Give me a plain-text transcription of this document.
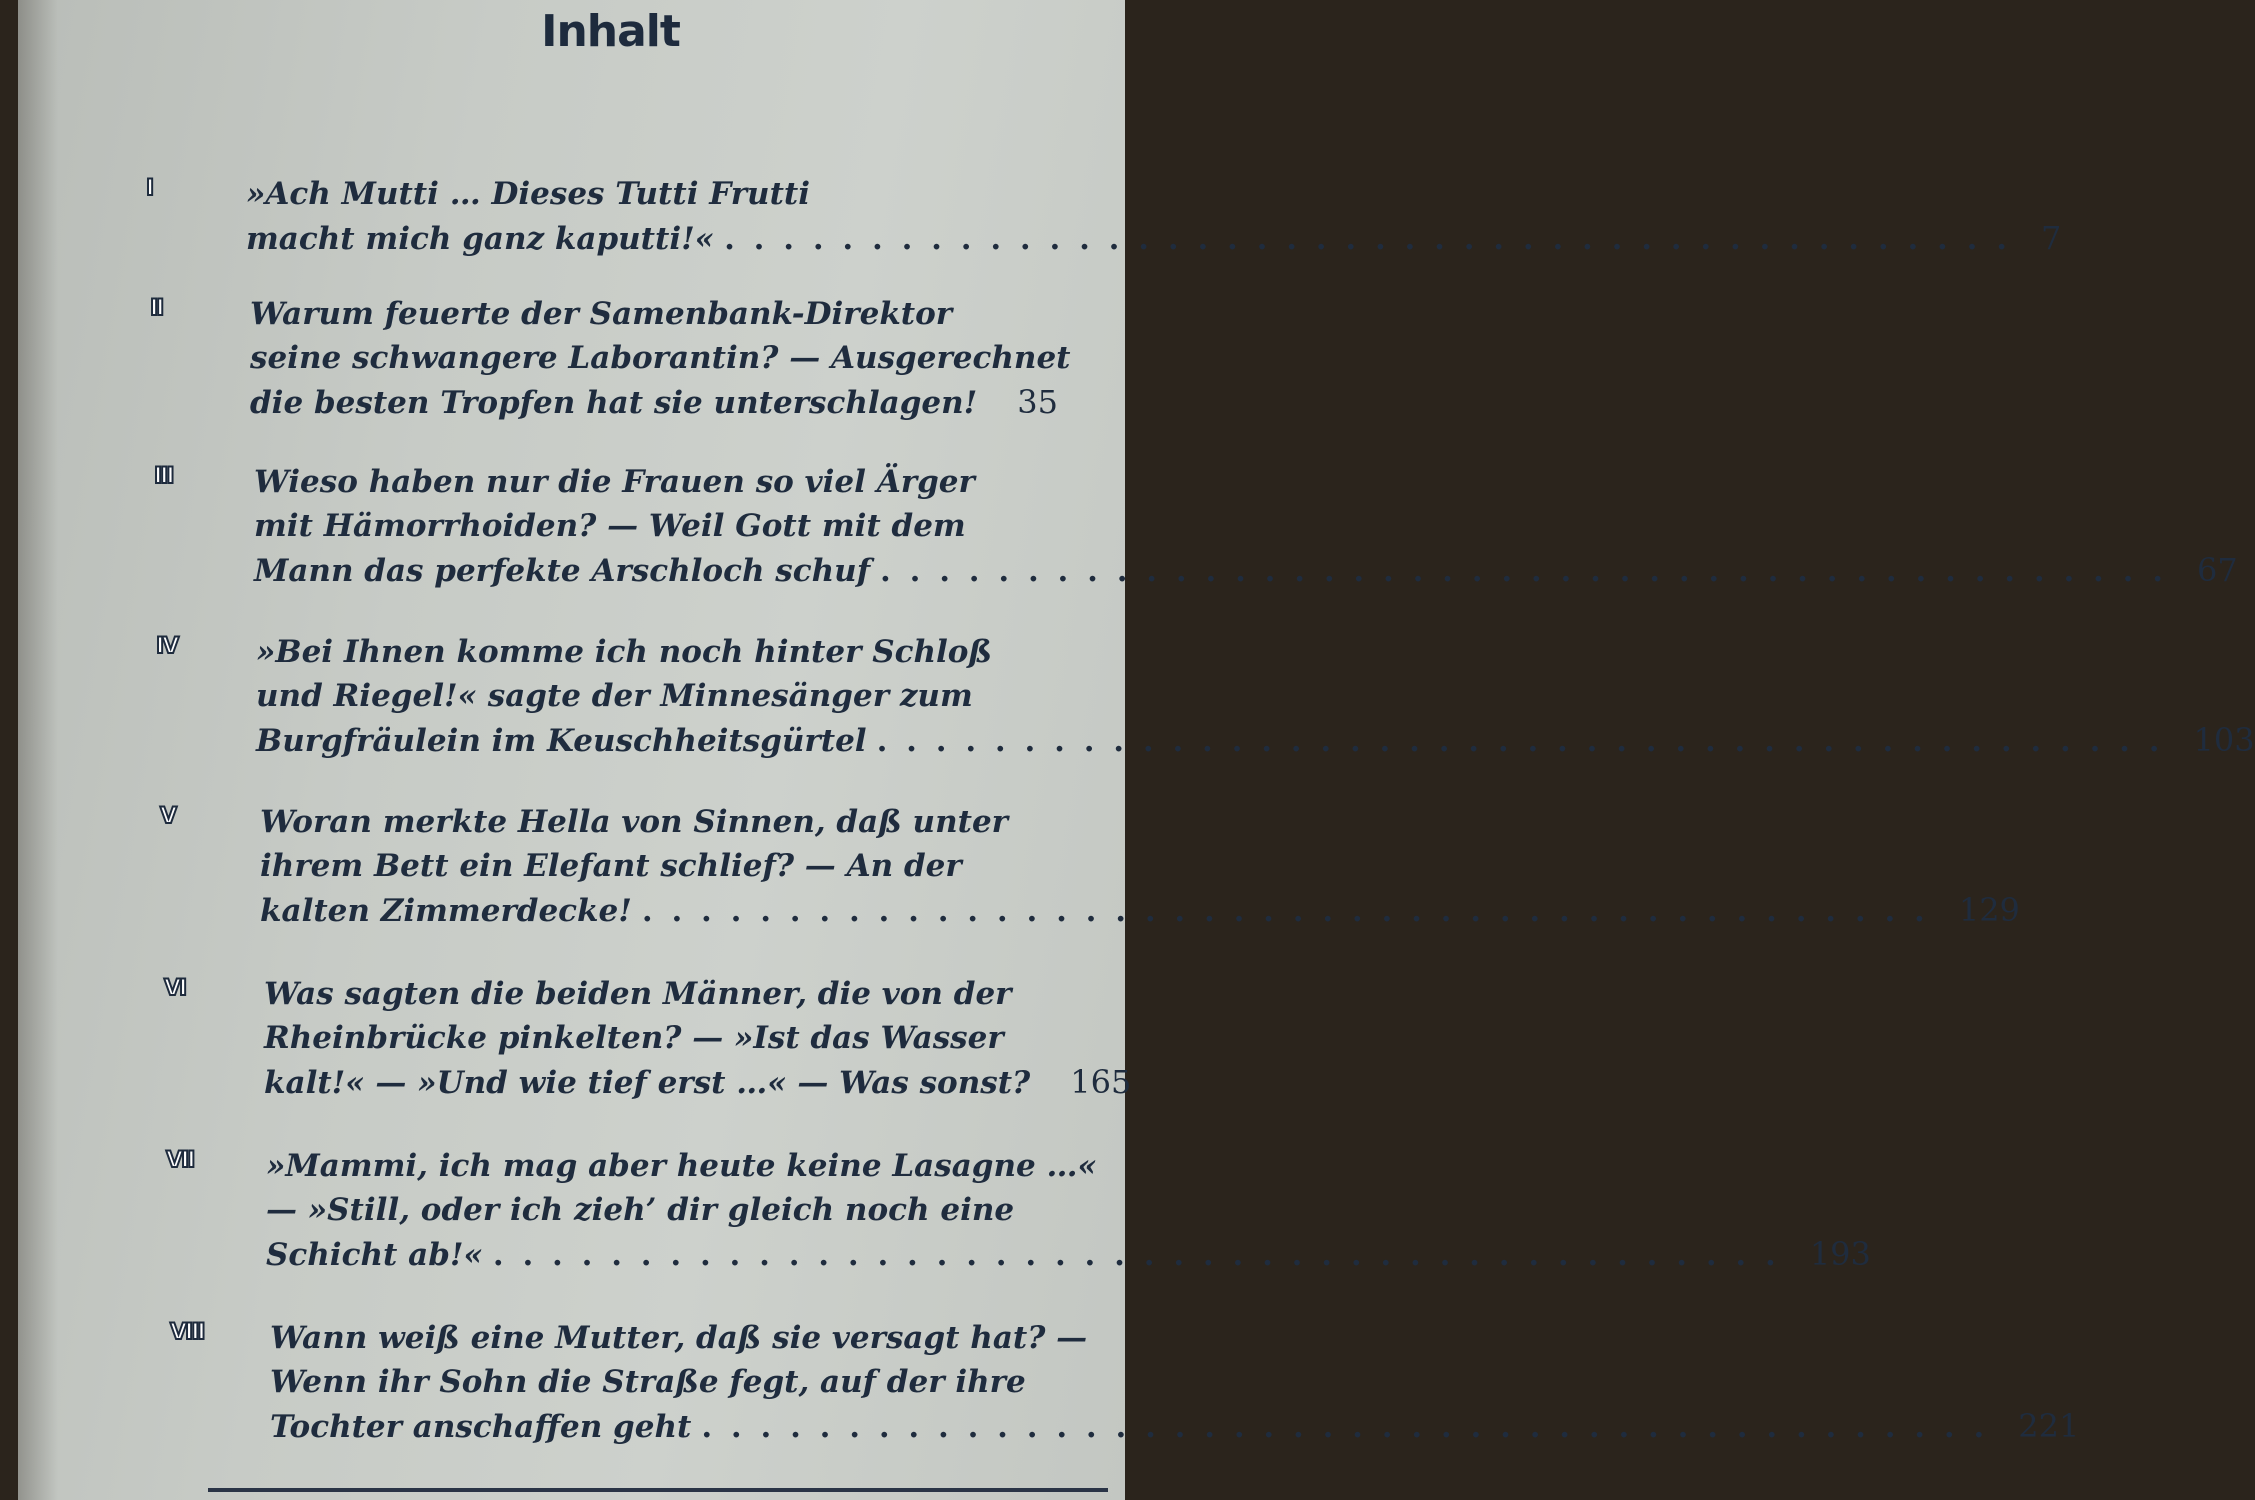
Inhalt
I	»Ach Mutti … Dieses Tutti Frutti
macht mich ganz kaputti!« . . . . . . . . . . . . . . . . . . . . . . . . . . . . . . . . . . . . . . . . . . . . 7
II	Warum feuerte der Samenbank-Direktor
seine schwangere Laborantin? — Ausgerechnet
die besten Tropfen hat sie unterschlagen! 35
III	Wieso haben nur die Frauen so viel Ärger
mit Hämorrhoiden? — Weil Gott mit dem
Mann das perfekte Arschloch schuf . . . . . . . . . . . . . . . . . . . . . . . . . . . . . . . . . . . . . . . . . . . . 67
IV	»Bei Ihnen komme ich noch hinter Schloß
und Riegel!« sagte der Minnesänger zum
Burgfräulein im Keuschheitsgürtel . . . . . . . . . . . . . . . . . . . . . . . . . . . . . . . . . . . . . . . . . . . . 103
V	Woran merkte Hella von Sinnen, daß unter
ihrem Bett ein Elefant schlief? — An der
kalten Zimmerdecke! . . . . . . . . . . . . . . . . . . . . . . . . . . . . . . . . . . . . . . . . . . . . 129
VI	Was sagten die beiden Männer, die von der
Rheinbrücke pinkelten? — »Ist das Wasser
kalt!« — »Und wie tief erst …« — Was sonst? 165
VII »Mammi, ich mag aber heute keine Lasagne …«
— »Still, oder ich zieh’ dir gleich noch eine
Schicht ab!« . . . . . . . . . . . . . . . . . . . . . . . . . . . . . . . . . . . . . . . . . . . . 193
VIII Wann weiß eine Mutter, daß sie versagt hat? —
Wenn ihr Sohn die Straße fegt, auf der ihre
Tochter anschaffen geht . . . . . . . . . . . . . . . . . . . . . . . . . . . . . . . . . . . . . . . . . . . . 221
